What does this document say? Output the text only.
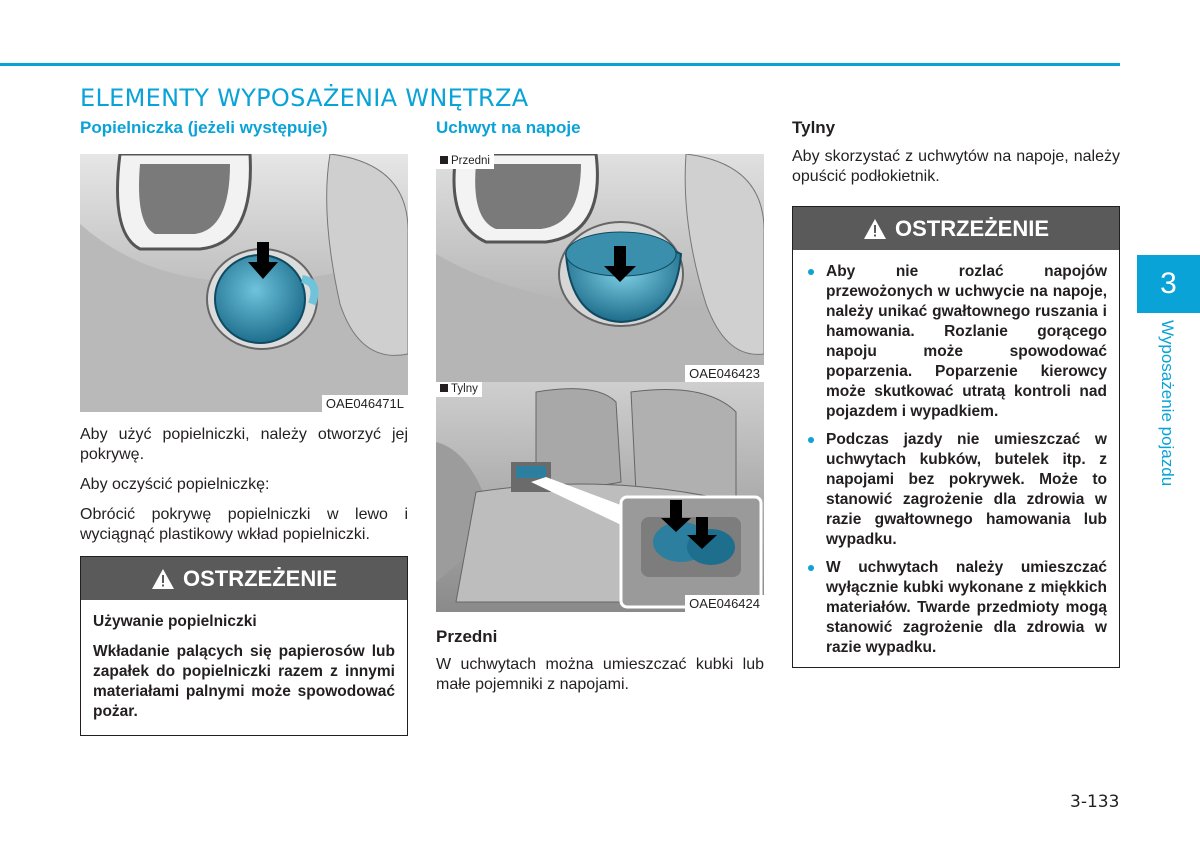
ELEMENTY WYPOSAŻENIA WNĘTRZA
Popielniczka (jeżeli występuje)
OAE046471L

Aby użyć popielniczki, należy otworzyć jej pokrywę.

Aby oczyścić popielniczkę:

Obrócić pokrywę popielniczki w lewo i wyciągnąć plastikowy wkład popielniczki.

OSTRZEŻENIE

Używanie popielniczki

Wkładanie palących się papierosów lub zapałek do popielniczki razem z innymi materiałami palnymi może spowodować pożar.

Uchwyt na napoje
Przedni
OAE046423
Tylny
OAE046424
Przedni

W uchwytach można umieszczać kubki lub małe pojemniki z napojami.

Tylny

Aby skorzystać z uchwytów na napoje, należy opuścić podłokietnik.

OSTRZEŻENIE
Aby nie rozlać napojów przewożonych w uchwycie na napoje, należy unikać gwałtownego ruszania i hamowania. Rozlanie gorącego napoju może spowodować poparzenia. Poparzenie kierowcy może skutkować utratą kontroli nad pojazdem i wypadkiem.
Podczas jazdy nie umieszczać w uchwytach kubków, butelek itp. z napojami bez pokrywek. Może to stanowić zagrożenie dla zdrowia w razie gwałtownego hamowania lub wypadku.
W uchwytach należy umieszczać wyłącznie kubki wykonane z miękkich materiałów. Twarde przedmioty mogą stanowić zagrożenie dla zdrowia w razie wypadku.
3
Wyposażenie pojazdu
3-133
